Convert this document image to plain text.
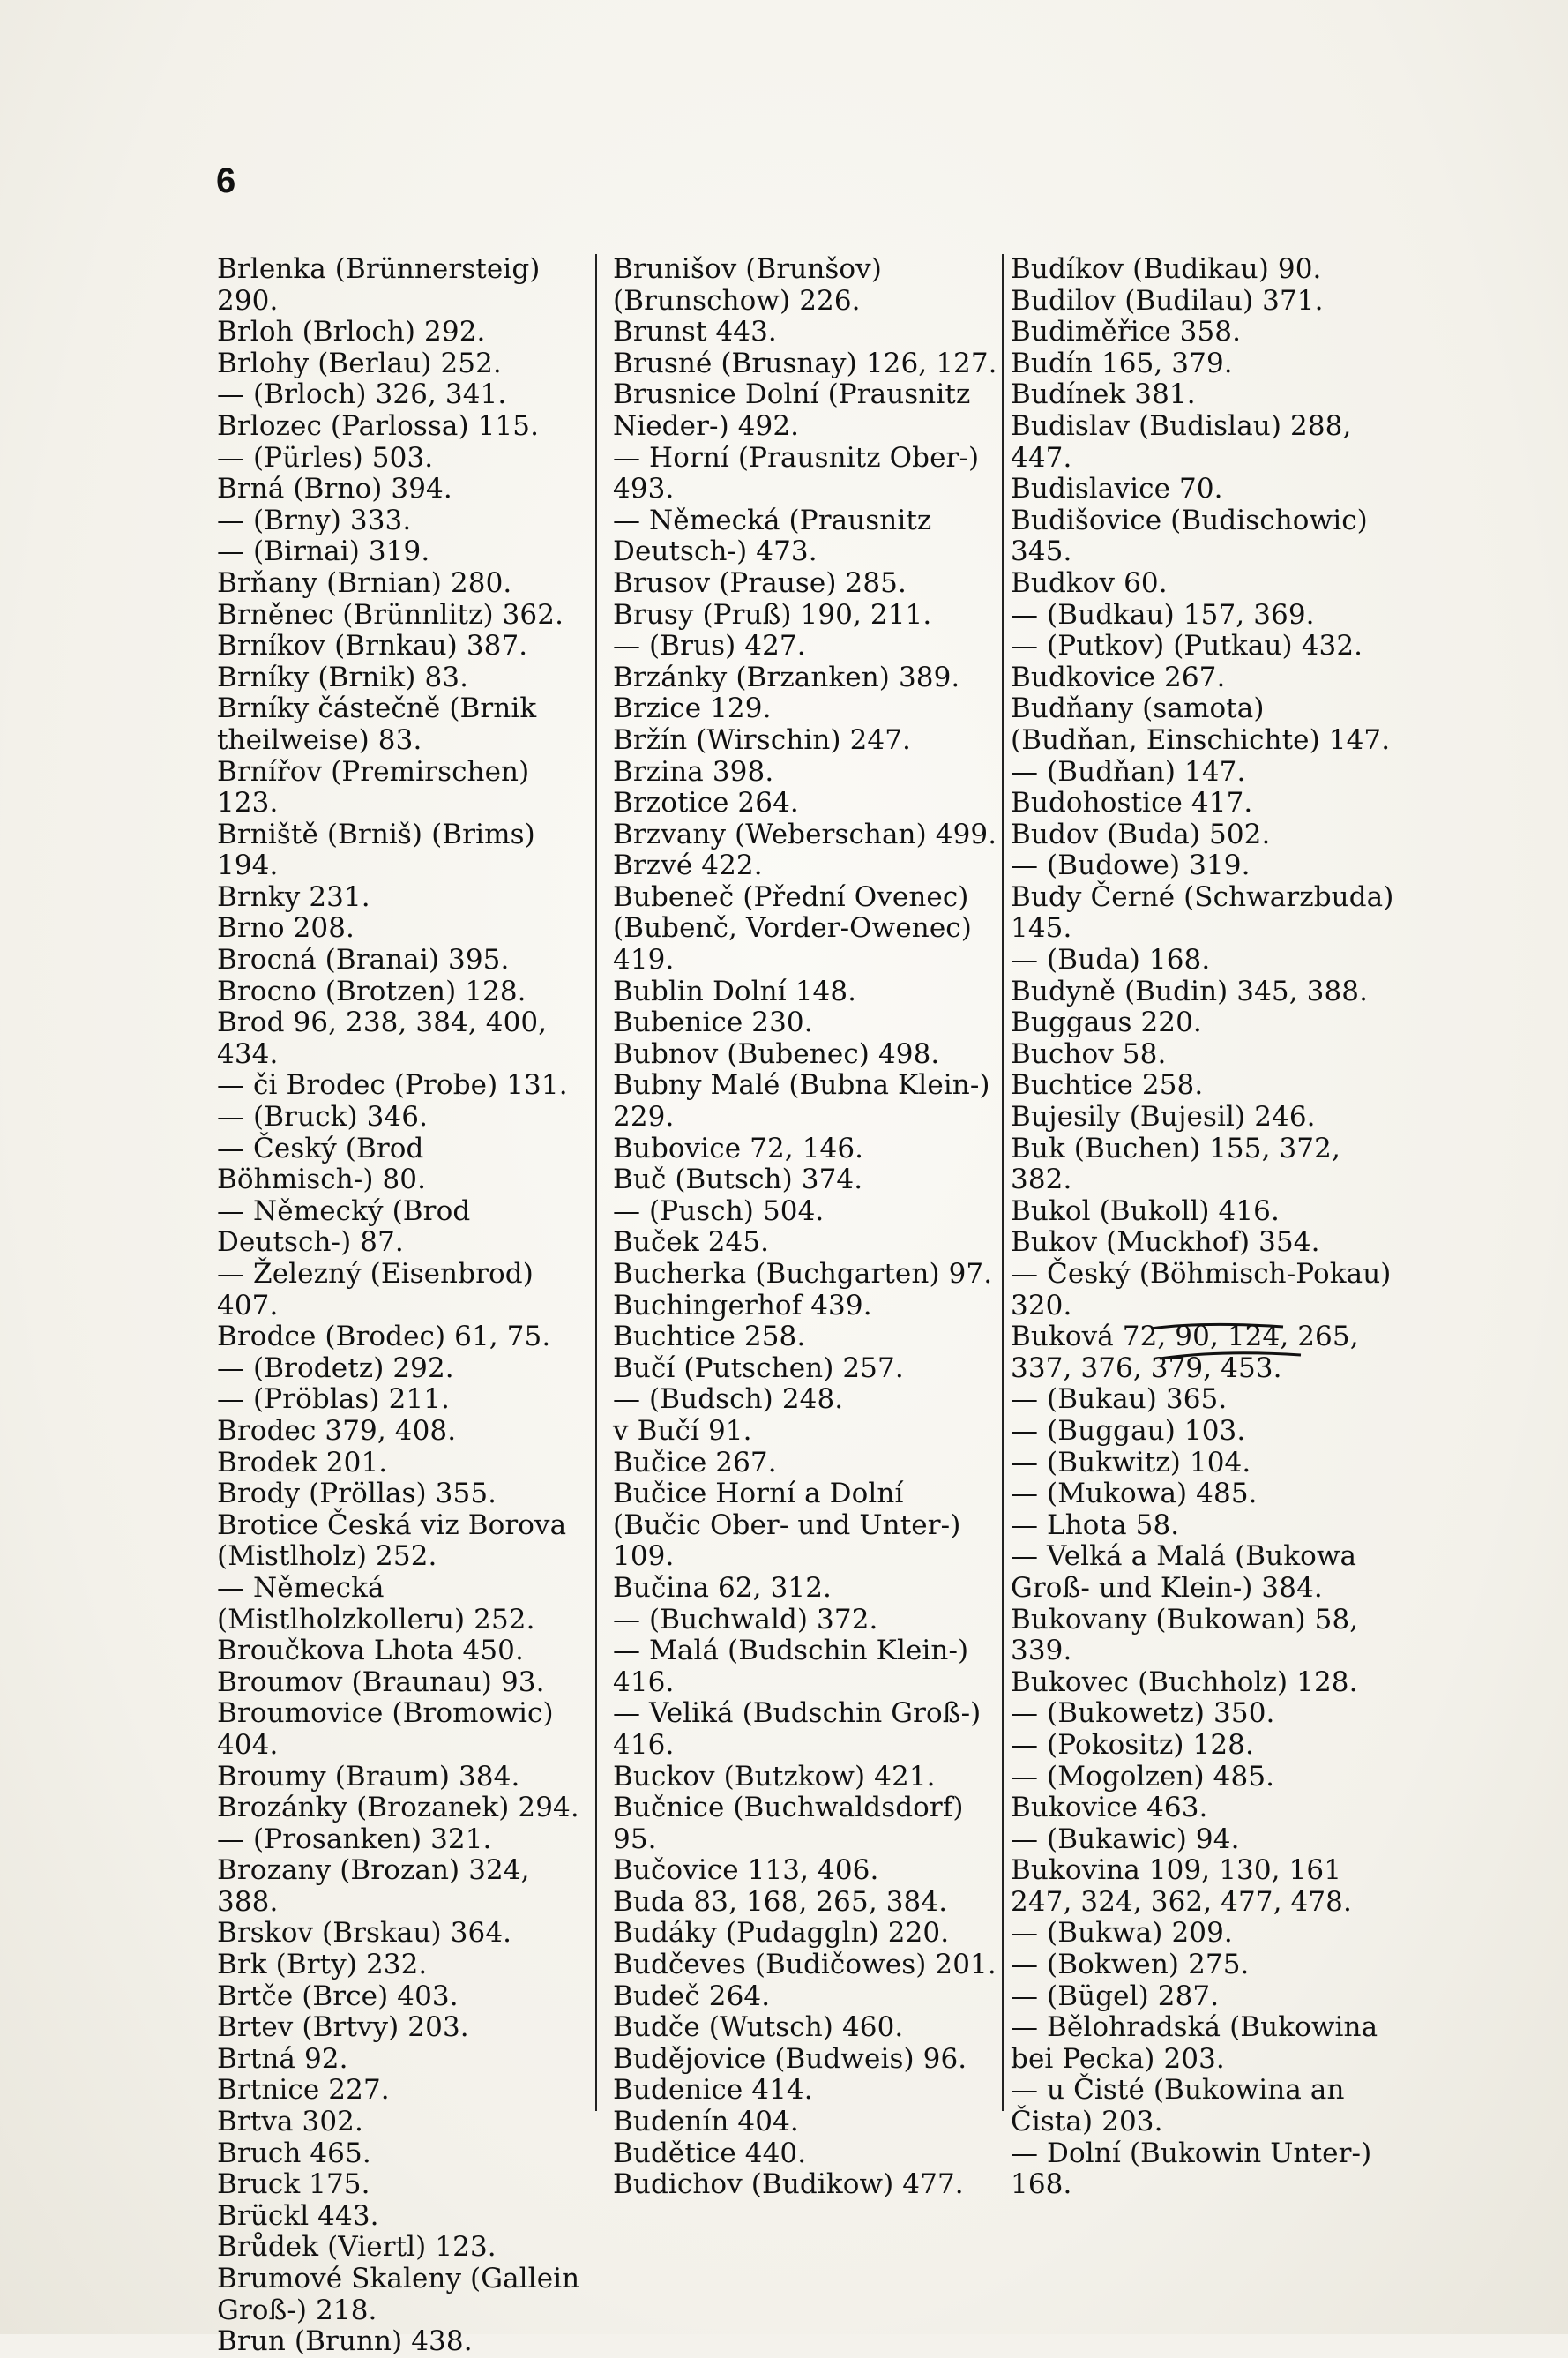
6

Brlenka (Brünnersteig) 290.

Brloh (Brloch) 292.

Brlohy (Berlau) 252.

— (Brloch) 326, 341.

Brlozec (Parlossa) 115.

— (Pürles) 503.

Brná (Brno) 394.

— (Brny) 333.

— (Birnai) 319.

Brňany (Brnian) 280.

Brněnec (Brünnlitz) 362.

Brníkov (Brnkau) 387.

Brníky (Brnik) 83.

Brníky částečně (Brnik theilweise) 83.

Brnířov (Premirschen) 123.

Brniště (Brniš) (Brims) 194.

Brnky 231.

Brno 208.

Brocná (Branai) 395.

Brocno (Brotzen) 128.

Brod 96, 238, 384, 400, 434.

— či Brodec (Probe) 131.

— (Bruck) 346.

— Český (Brod Böhmisch-) 80.

— Německý (Brod Deutsch-) 87.

— Železný (Eisenbrod) 407.

Brodce (Brodec) 61, 75.

— (Brodetz) 292.

— (Pröblas) 211.

Brodec 379, 408.

Brodek 201.

Brody (Pröllas) 355.

Brotice Česká viz Borova (Mistlholz) 252.

— Německá (Mistlholzkolleru) 252.

Broučkova Lhota 450.

Broumov (Braunau) 93.

Broumovice (Bromowic) 404.

Broumy (Braum) 384.

Brozánky (Brozanek) 294.

— (Prosanken) 321.

Brozany (Brozan) 324, 388.

Brskov (Brskau) 364.

Brk (Brty) 232.

Brtče (Brce) 403.

Brtev (Brtvy) 203.

Brtná 92.

Brtnice 227.

Brtva 302.

Bruch 465.

Bruck 175.

Brückl 443.

Brůdek (Viertl) 123.

Brumové Skaleny (Gallein Groß-) 218.

Brun (Brunn) 438.

Brunišov (Brunšov) (Brunschow) 226.

Brunst 443.

Brusné (Brusnay) 126, 127.

Brusnice Dolní (Prausnitz Nieder-) 492.

— Horní (Prausnitz Ober-) 493.

— Německá (Prausnitz Deutsch-) 473.

Brusov (Prause) 285.

Brusy (Pruß) 190, 211.

— (Brus) 427.

Brzánky (Brzanken) 389.

Brzice 129.

Bržín (Wirschin) 247.

Brzina 398.

Brzotice 264.

Brzvany (Weberschan) 499.

Brzvé 422.

Bubeneč (Přední Ovenec) (Bubenč, Vorder-Owenec) 419.

Bublin Dolní 148.

Bubenice 230.

Bubnov (Bubenec) 498.

Bubny Malé (Bubna Klein-) 229.

Bubovice 72, 146.

Buč (Butsch) 374.

— (Pusch) 504.

Buček 245.

Bucherka (Buchgarten) 97.

Buchingerhof 439.

Buchtice 258.

Bučí (Putschen) 257.

— (Budsch) 248.

v Bučí 91.

Bučice 267.

Bučice Horní a Dolní (Bučic Ober- und Unter-) 109.

Bučina 62, 312.

— (Buchwald) 372.

— Malá (Budschin Klein-) 416.

— Veliká (Budschin Groß-) 416.

Buckov (Butzkow) 421.

Bučnice (Buchwaldsdorf) 95.

Bučovice 113, 406.

Buda 83, 168, 265, 384.

Budáky (Pudaggln) 220.

Budčeves (Budičowes) 201.

Budeč 264.

Budče (Wutsch) 460.

Budějovice (Budweis) 96.

Budenice 414.

Budenín 404.

Budětice 440.

Budichov (Budikow) 477.

Budíkov (Budikau) 90.

Budilov (Budilau) 371.

Budiměřice 358.

Budín 165, 379.

Budínek 381.

Budislav (Budislau) 288, 447.

Budislavice 70.

Budišovice (Budischowic) 345.

Budkov 60.

— (Budkau) 157, 369.

— (Putkov) (Putkau) 432.

Budkovice 267.

Budňany (samota) (Budňan, Einschichte) 147.

— (Budňan) 147.

Budohostice 417.

Budov (Buda) 502.

— (Budowe) 319.

Budy Černé (Schwarzbuda) 145.

— (Buda) 168.

Budyně (Budin) 345, 388.

Buggaus 220.

Buchov 58.

Buchtice 258.

Bujesily (Bujesil) 246.

Buk (Buchen) 155, 372, 382.

Bukol (Bukoll) 416.

Bukov (Muckhof) 354.

— Český (Böhmisch-Pokau) 320.

Buková 72, 90, 124, 265, 337, 376, 379, 453.

— (Bukau) 365.

— (Buggau) 103.

— (Bukwitz) 104.

— (Mukowa) 485.

— Lhota 58.

— Velká a Malá (Bukowa Groß- und Klein-) 384.

Bukovany (Bukowan) 58, 339.

Bukovec (Buchholz) 128.

— (Bukowetz) 350.

— (Pokositz) 128.

— (Mogolzen) 485.

Bukovice 463.

— (Bukawic) 94.

Bukovina 109, 130, 161 247, 324, 362, 477, 478.

— (Bukwa) 209.

— (Bokwen) 275.

— (Bügel) 287.

— Bělohradská (Bukowina bei Pecka) 203.

— u Čisté (Bukowina an Čista) 203.

— Dolní (Bukowin Unter-) 168.
